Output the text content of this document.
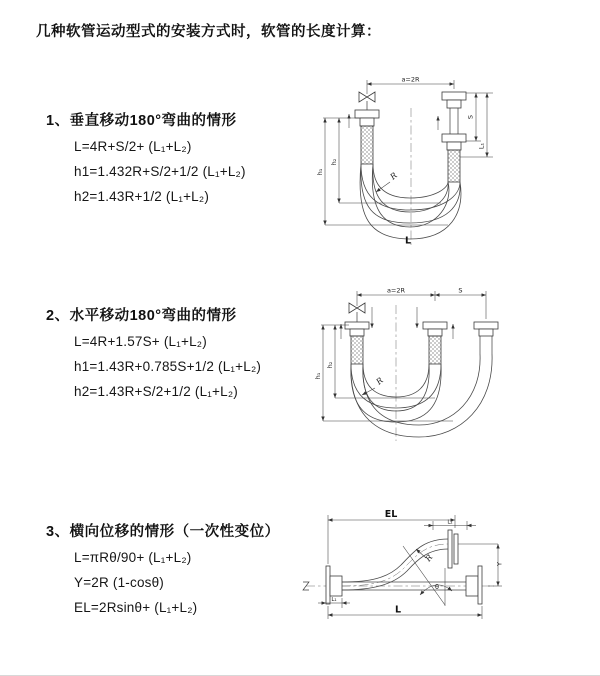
几种软管运动型式的安装方式时，软管的长度计算：
1、垂直移动180°弯曲的情形
L=4R+S/2+ (L₁+L₂)
h1=1.432R+S/2+1/2 (L₁+L₂)
h2=1.43R+1/2 (L₁+L₂)
2、水平移动180°弯曲的情形
L=4R+1.57S+ (L₁+L₂)
h1=1.43R+0.785S+1/2 (L₁+L₂)
h2=1.43R+S/2+1/2 (L₁+L₂)
3、横向位移的情形（一次性变位）
L=πRθ/90+ (L₁+L₂)
Y=2R (1-cosθ)
EL=2Rsinθ+ (L₁+L₂)
a=2R
S
L₁
h₁
h₂
R
L
a=2R	S
h₁
h₂
R
EL
L₂
Y
θ
R
L₁
L
